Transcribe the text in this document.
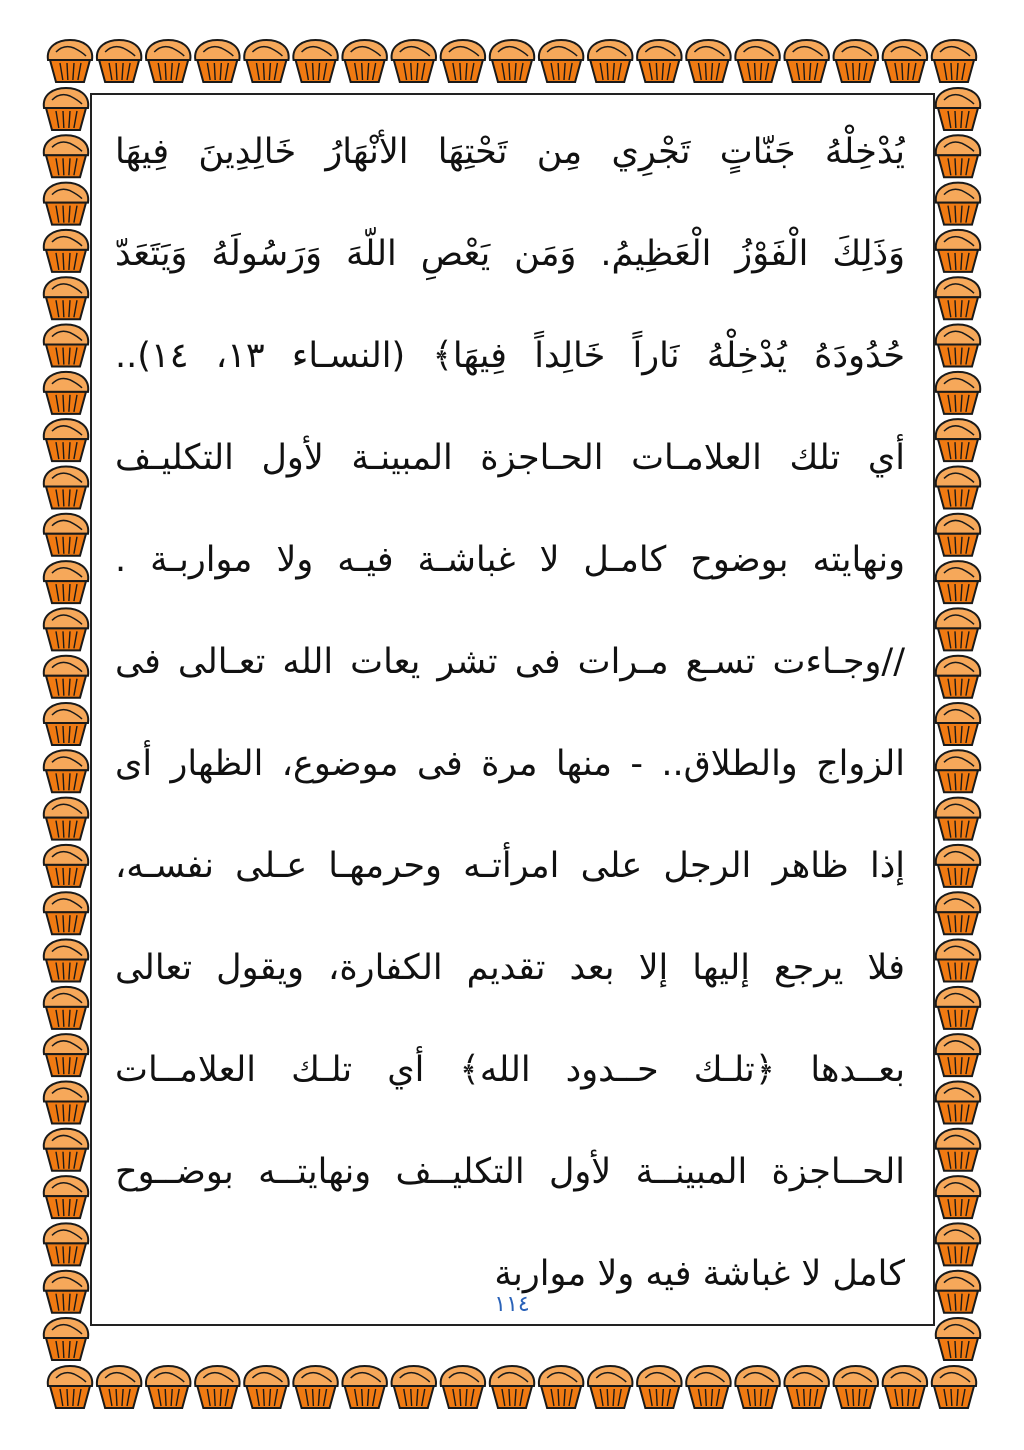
يُدْخِلْهُ جَنّاتٍ تَجْرِي مِن تَحْتِهَا الأنْهَارُ خَالِدِينَ فِيهَا
وَذَلِكَ الْفَوْزُ الْعَظِيمُ. وَمَن يَعْصِ اللّهَ وَرَسُولَهُ وَيَتَعَدّ
حُدُودَهُ يُدْخِلْهُ نَاراً خَالِداً فِيهَا﴾ (النسـاء ١٣، ١٤)..
أي تلك العلامـات الحـاجزة المبينـة لأول التكليـف
ونهايته بوضوح كامـل لا غباشـة فيـه ولا مواربـة .
//وجـاءت تسـع مـرات فى تشر يعات الله تعـالى فى
الزواج والطلاق.. - منها مرة فى موضوع، الظهار أى
إذا ظاهر الرجل على امرأتـه وحرمهـا عـلى نفسـه،
فلا يرجع إليها إلا بعد تقديم الكفارة، ويقول تعالى
بعــدها ﴿تلـك حــدود الله﴾ أي تلـك العلامــات
الحــاجزة المبينــة لأول التكليــف ونهايتــه بوضــوح
كامل لا غباشة فيه ولا مواربة
١١٤
